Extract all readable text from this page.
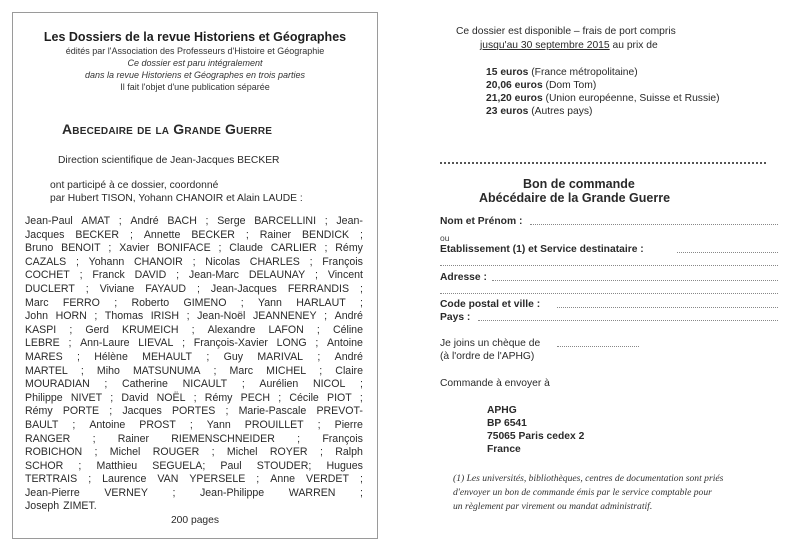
Les Dossiers de la revue Historiens et Géographes
édités par l'Association des Professeurs d'Histoire et Géographie
Ce dossier est paru intégralement
dans la revue Historiens et Géographes en trois parties
Il fait l'objet d'une publication séparée
Abecedaire de la Grande Guerre
Direction scientifique de Jean-Jacques BECKER
ont participé à ce dossier, coordonné
par Hubert TISON, Yohann CHANOIR et Alain LAUDE :
Jean-Paul AMAT ; André BACH ; Serge BARCELLINI ; Jean-
Jacques BECKER ; Annette BECKER ; Rainer BENDICK ;
Bruno BENOIT ; Xavier BONIFACE ; Claude CARLIER ; Rémy
CAZALS ; Yohann CHANOIR ; Nicolas CHARLES ; François
COCHET ; Franck DAVID ; Jean-Marc DELAUNAY ; Vincent
DUCLERT ; Viviane FAYAUD ; Jean-Jacques FERRANDIS ;
Marc FERRO ; Roberto GIMENO ; Yann HARLAUT ;
John HORN ; Thomas IRISH ; Jean-Noël JEANNENEY ; André
KASPI ; Gerd KRUMEICH ; Alexandre LAFON ; Céline
LEBRE ; Ann-Laure LIEVAL ; François-Xavier LONG ; Antoine
MARES ; Hélène MEHAULT ; Guy MARIVAL ; André
MARTEL ; Miho MATSUNUMA ; Marc MICHEL ; Claire
MOURADIAN ; Catherine NICAULT ; Aurélien NICOL ;
Philippe NIVET ; David NOËL ; Rémy PECH ; Cécile PIOT ;
Rémy PORTE ; Jacques PORTES ; Marie-Pascale PREVOT-
BAULT ; Antoine PROST ; Yann PROUILLET ; Pierre
RANGER ; Rainer RIEMENSCHNEIDER ; François
ROBICHON ; Michel ROUGER ; Michel ROYER ; Ralph
SCHOR ; Matthieu SEGUELA; Paul STOUDER; Hugues
TERTRAIS ; Laurence VAN YPERSELE ; Anne VERDET ;
Jean-Pierre VERNEY ; Jean-Philippe WARREN ;
Joseph ZIMET.
200 pages
Ce dossier est disponible – frais de port compris
jusqu'au 30 septembre 2015 au prix de
15 euros (France métropolitaine)
20,06 euros (Dom Tom)
21,20 euros (Union européenne, Suisse et Russie)
23 euros (Autres pays)
Bon de commande
Abécédaire de la Grande Guerre
Nom et Prénom :
ou
Etablissement (1) et Service destinataire :
Adresse :
Code postal et ville :
Pays :
Je joins un chèque de
(à l'ordre de l'APHG)
Commande à envoyer à
APHG
BP 6541
75065 Paris cedex 2
France
(1) Les universités, bibliothèques, centres de documentation sont priés
d'envoyer un bon de commande émis par le service comptable pour
un règlement par virement ou mandat administratif.
